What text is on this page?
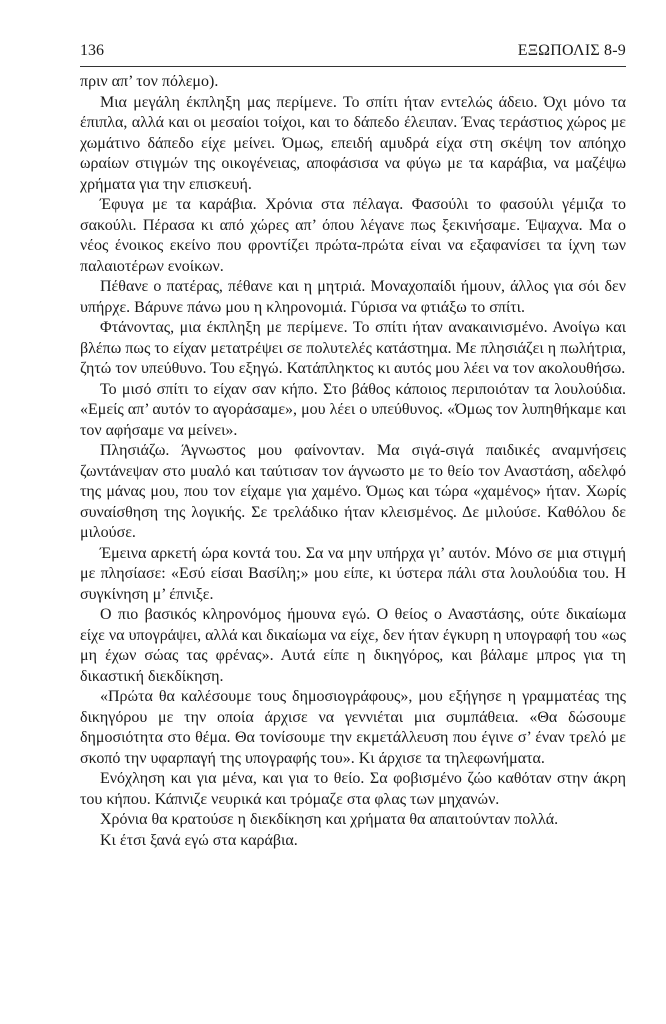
136	ΕΞΩΠΟΛΙΣ 8-9

πριν απ’ τον πόλεμο).

Μια μεγάλη έκπληξη μας περίμενε. Το σπίτι ήταν εντελώς άδειο. Όχι μόνο τα έπιπλα, αλλά και οι μεσαίοι τοίχοι, και το δάπεδο έλειπαν. Ένας τεράστιος χώρος με χωμάτινο δάπεδο είχε μείνει. Όμως, επειδή αμυδρά είχα στη σκέψη τον απόηχο ωραίων στιγμών της οικογένειας, αποφάσισα να φύγω με τα καράβια, να μαζέψω χρήματα για την επισκευή.

Έφυγα με τα καράβια. Χρόνια στα πέλαγα. Φασούλι το φασούλι γέμιζα το σακούλι. Πέρασα κι από χώρες απ’ όπου λέγανε πως ξεκινήσαμε. Έψαχνα. Μα ο νέος ένοικος εκείνο που φροντίζει πρώτα-πρώτα είναι να εξαφανίσει τα ίχνη των παλαιοτέρων ενοίκων.

Πέθανε ο πατέρας, πέθανε και η μητριά. Μοναχοπαίδι ήμουν, άλλος για σόι δεν υπήρχε. Βάρυνε πάνω μου η κληρονομιά. Γύρισα να φτιάξω το σπίτι.

Φτάνοντας, μια έκπληξη με περίμενε. Το σπίτι ήταν ανακαινισμένο. Ανοίγω και βλέπω πως το είχαν μετατρέψει σε πολυτελές κατάστημα. Με πλησιάζει η πωλήτρια, ζητώ τον υπεύθυνο. Του εξηγώ. Κατάπληκτος κι αυτός μου λέει να τον ακολουθήσω.

Το μισό σπίτι το είχαν σαν κήπο. Στο βάθος κάποιος περιποιόταν τα λουλούδια. «Εμείς απ’ αυτόν το αγοράσαμε», μου λέει ο υπεύθυνος. «Όμως τον λυπηθήκαμε και τον αφήσαμε να μείνει».

Πλησιάζω. Άγνωστος μου φαίνονταν. Μα σιγά-σιγά παιδικές αναμνήσεις ζωντάνεψαν στο μυαλό και ταύτισαν τον άγνωστο με το θείο τον Αναστάση, αδελφό της μάνας μου, που τον είχαμε για χαμένο. Όμως και τώρα «χαμένος» ήταν. Χωρίς συναίσθηση της λογικής. Σε τρελάδικο ήταν κλεισμένος. Δε μιλούσε. Καθόλου δε μιλούσε.

Έμεινα αρκετή ώρα κοντά του. Σα να μην υπήρχα γι’ αυτόν. Μόνο σε μια στιγμή με πλησίασε: «Εσύ είσαι Βασίλη;» μου είπε, κι ύστερα πάλι στα λουλούδια του. Η συγκίνηση μ’ έπνιξε.

Ο πιο βασικός κληρονόμος ήμουνα εγώ. Ο θείος ο Αναστάσης, ούτε δικαίωμα είχε να υπογράψει, αλλά και δικαίωμα να είχε, δεν ήταν έγκυρη η υπογραφή του «ως μη έχων σώας τας φρένας». Αυτά είπε η δικηγόρος, και βάλαμε μπρος για τη δικαστική διεκδίκηση.

«Πρώτα θα καλέσουμε τους δημοσιογράφους», μου εξήγησε η γραμματέας της δικηγόρου με την οποία άρχισε να γεννιέται μια συμπάθεια. «Θα δώσουμε δημοσιότητα στο θέμα. Θα τονίσουμε την εκμετάλλευση που έγινε σ’ έναν τρελό με σκοπό την υφαρπαγή της υπογραφής του». Κι άρχισε τα τηλεφωνήματα.

Ενόχληση και για μένα, και για το θείο. Σα φοβισμένο ζώο καθόταν στην άκρη του κήπου. Κάπνιζε νευρικά και τρόμαζε στα φλας των μηχανών.

Χρόνια θα κρατούσε η διεκδίκηση και χρήματα θα απαιτούνταν πολλά.

Κι έτσι ξανά εγώ στα καράβια.
